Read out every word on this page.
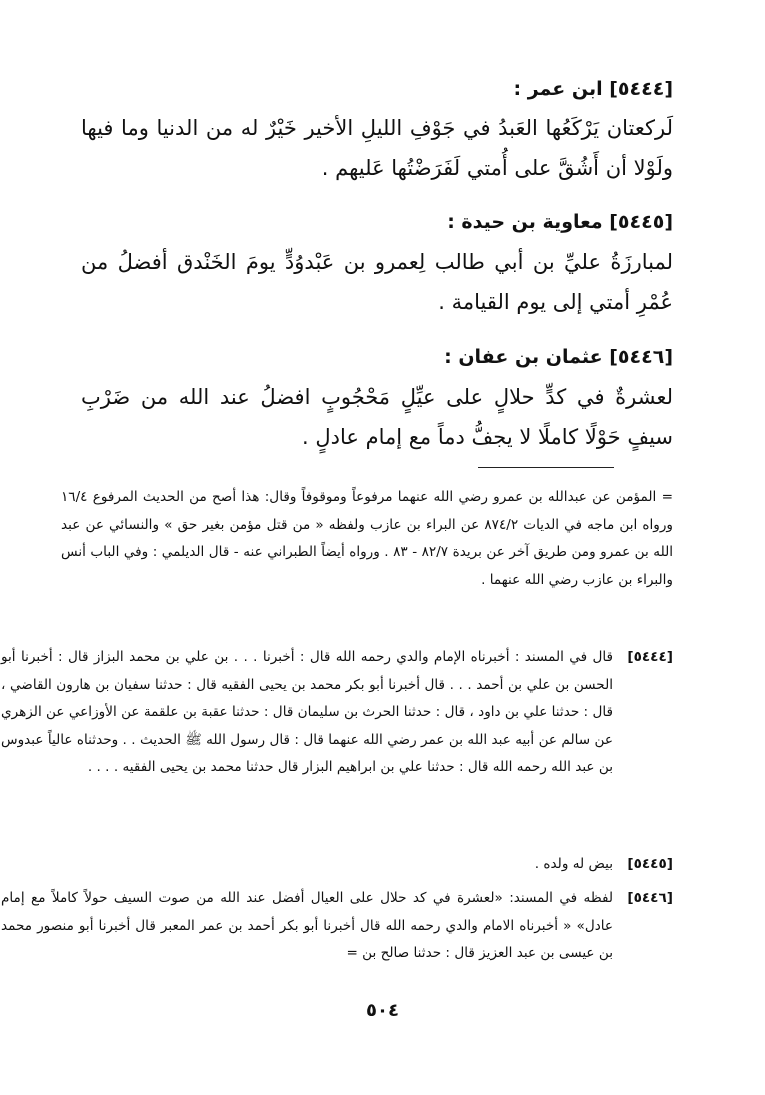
[٥٤٤٤] ابن عمر :
لَركعتان يَرْكَعُها العَبدُ في جَوْفِ الليلِ الأخير خَيْرٌ له من الدنيا وما فيها ولَوْلا أن أَشُقَّ على أُمتي لَفَرَضْتُها عَليهم .
[٥٤٤٥] معاوية بن حيدة :
لمبارزَةُ عليِّ بن أبي طالب لِعمرو بن عَبْدوُدٍّ يومَ الخَنْدق أفضلُ من عُمْرِ أمتي إلى يوم القيامة .
[٥٤٤٦] عثمان بن عفان :
لعشرةٌ في كدٍّ حلالٍ على عيِّلٍ مَحْجُوبٍ افضلُ عند الله من ضَرْبِ سيفٍ حَوْلًا كاملًا لا يجفُّ دماً مع إمام عادلٍ .
= المؤمن عن عبدالله بن عمرو رضي الله عنهما مرفوعاً وموقوفاً وقال: هذا أصح من الحديث المرفوع ١٦/٤ ورواه ابن ماجه في الديات ٨٧٤/٢ عن البراء بن عازب ولفظه « من قتل مؤمن بغير حق » والنسائي عن عبد الله بن عمرو ومن طريق آخر عن بريدة ٨٢/٧ - ٨٣ . ورواه أيضاً الطبراني عنه - قال الديلمي : وفي الباب أنس والبراء بن عازب رضي الله عنهما .
[٥٤٤٤]
قال في المسند : أخبرناه الإمام والدي رحمه الله قال : أخبرنا . . . بن علي بن محمد البزاز قال : أخبرنا أبو الحسن بن علي بن أحمد . . . قال أخبرنا أبو بكر محمد بن يحيى الفقيه قال : حدثنا سفيان بن هارون القاضي ، قال : حدثنا علي بن داود ، قال : حدثنا الحرث بن سليمان قال : حدثنا عقبة بن علقمة عن الأوزاعي عن الزهري عن سالم عن أبيه عبد الله بن عمر رضي الله عنهما قال : قال رسول الله ﷺ الحديث . . وحدثناه عالياً عبدوس بن عبد الله رحمه الله قال : حدثنا علي بن ابراهيم البزار قال حدثنا محمد بن يحيى الفقيه . . . .
[٥٤٤٥]
بيض له ولده .
[٥٤٤٦]
لفظه في المسند: «لعشرة في كد حلال على العيال أفضل عند الله من صوت السيف حولاً كاملاً مع إمام عادل» « أخبرناه الامام والدي رحمه الله قال أخبرنا أبو بكر أحمد بن عمر المعبر قال أخبرنا أبو منصور محمد بن عيسى بن عبد العزيز قال : حدثنا صالح بن =
٥٠٤
